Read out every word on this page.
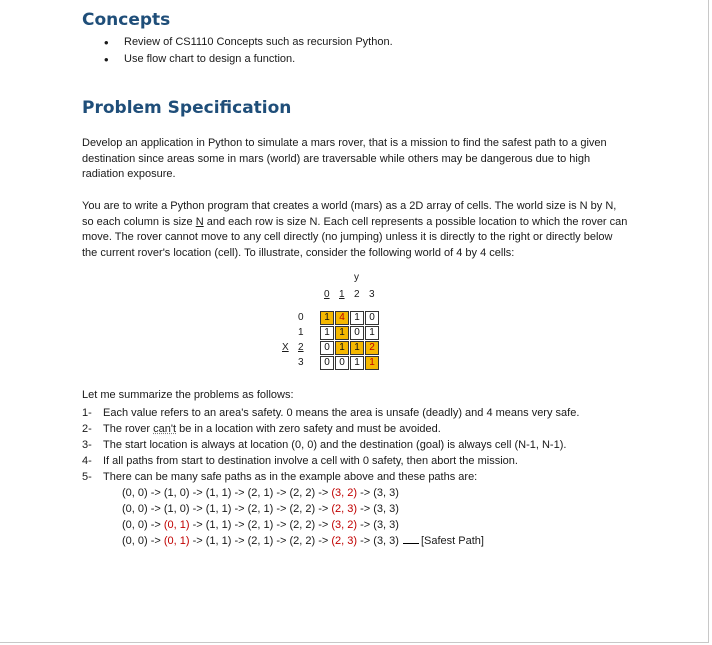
Concepts
• Review of CS1110 Concepts such as recursion Python.
• Use flow chart to design a function.
Problem Specification

Develop an application in Python to simulate a mars rover, that is a mission to find the safest path to a given destination since areas some in mars (world) are traversable while others may be dangerous due to high radiation exposure.

You are to write a Python program that creates a world (mars) as a 2D array of cells. The world size is N by N, so each column is size N and each row is size N. Each cell represents a possible location to which the rover can move. The rover cannot move to any cell directly (no jumping) unless it is directly to the right or directly below the current rover's location (cell). To illustrate, consider the following world of 4 by 4 cells:

y
0 1 2 3
0
1
2
3
X
1 4 1 0
1 1 0 1
0 1 1 2
0 0 1 1

Let me summarize the problems as follows:

1- Each value refers to an area's safety. 0 means the area is unsafe (deadly) and 4 means very safe.
2- The rover can't be in a location with zero safety and must be avoided.
3- The start location is always at location (0, 0) and the destination (goal) is always cell (N-1, N-1).
4- If all paths from start to destination involve a cell with 0 safety, then abort the mission.
5- There can be many safe paths as in the example above and these paths are:
(0, 0) -> (1, 0) -> (1, 1) -> (2, 1) -> (2, 2) -> (3, 2) -> (3, 3)
(0, 0) -> (1, 0) -> (1, 1) -> (2, 1) -> (2, 2) -> (2, 3) -> (3, 3)
(0, 0) -> (0, 1) -> (1, 1) -> (2, 1) -> (2, 2) -> (3, 2) -> (3, 3)
(0, 0) -> (0, 1) -> (1, 1) -> (2, 1) -> (2, 2) -> (2, 3) -> (3, 3) [Safest Path]
